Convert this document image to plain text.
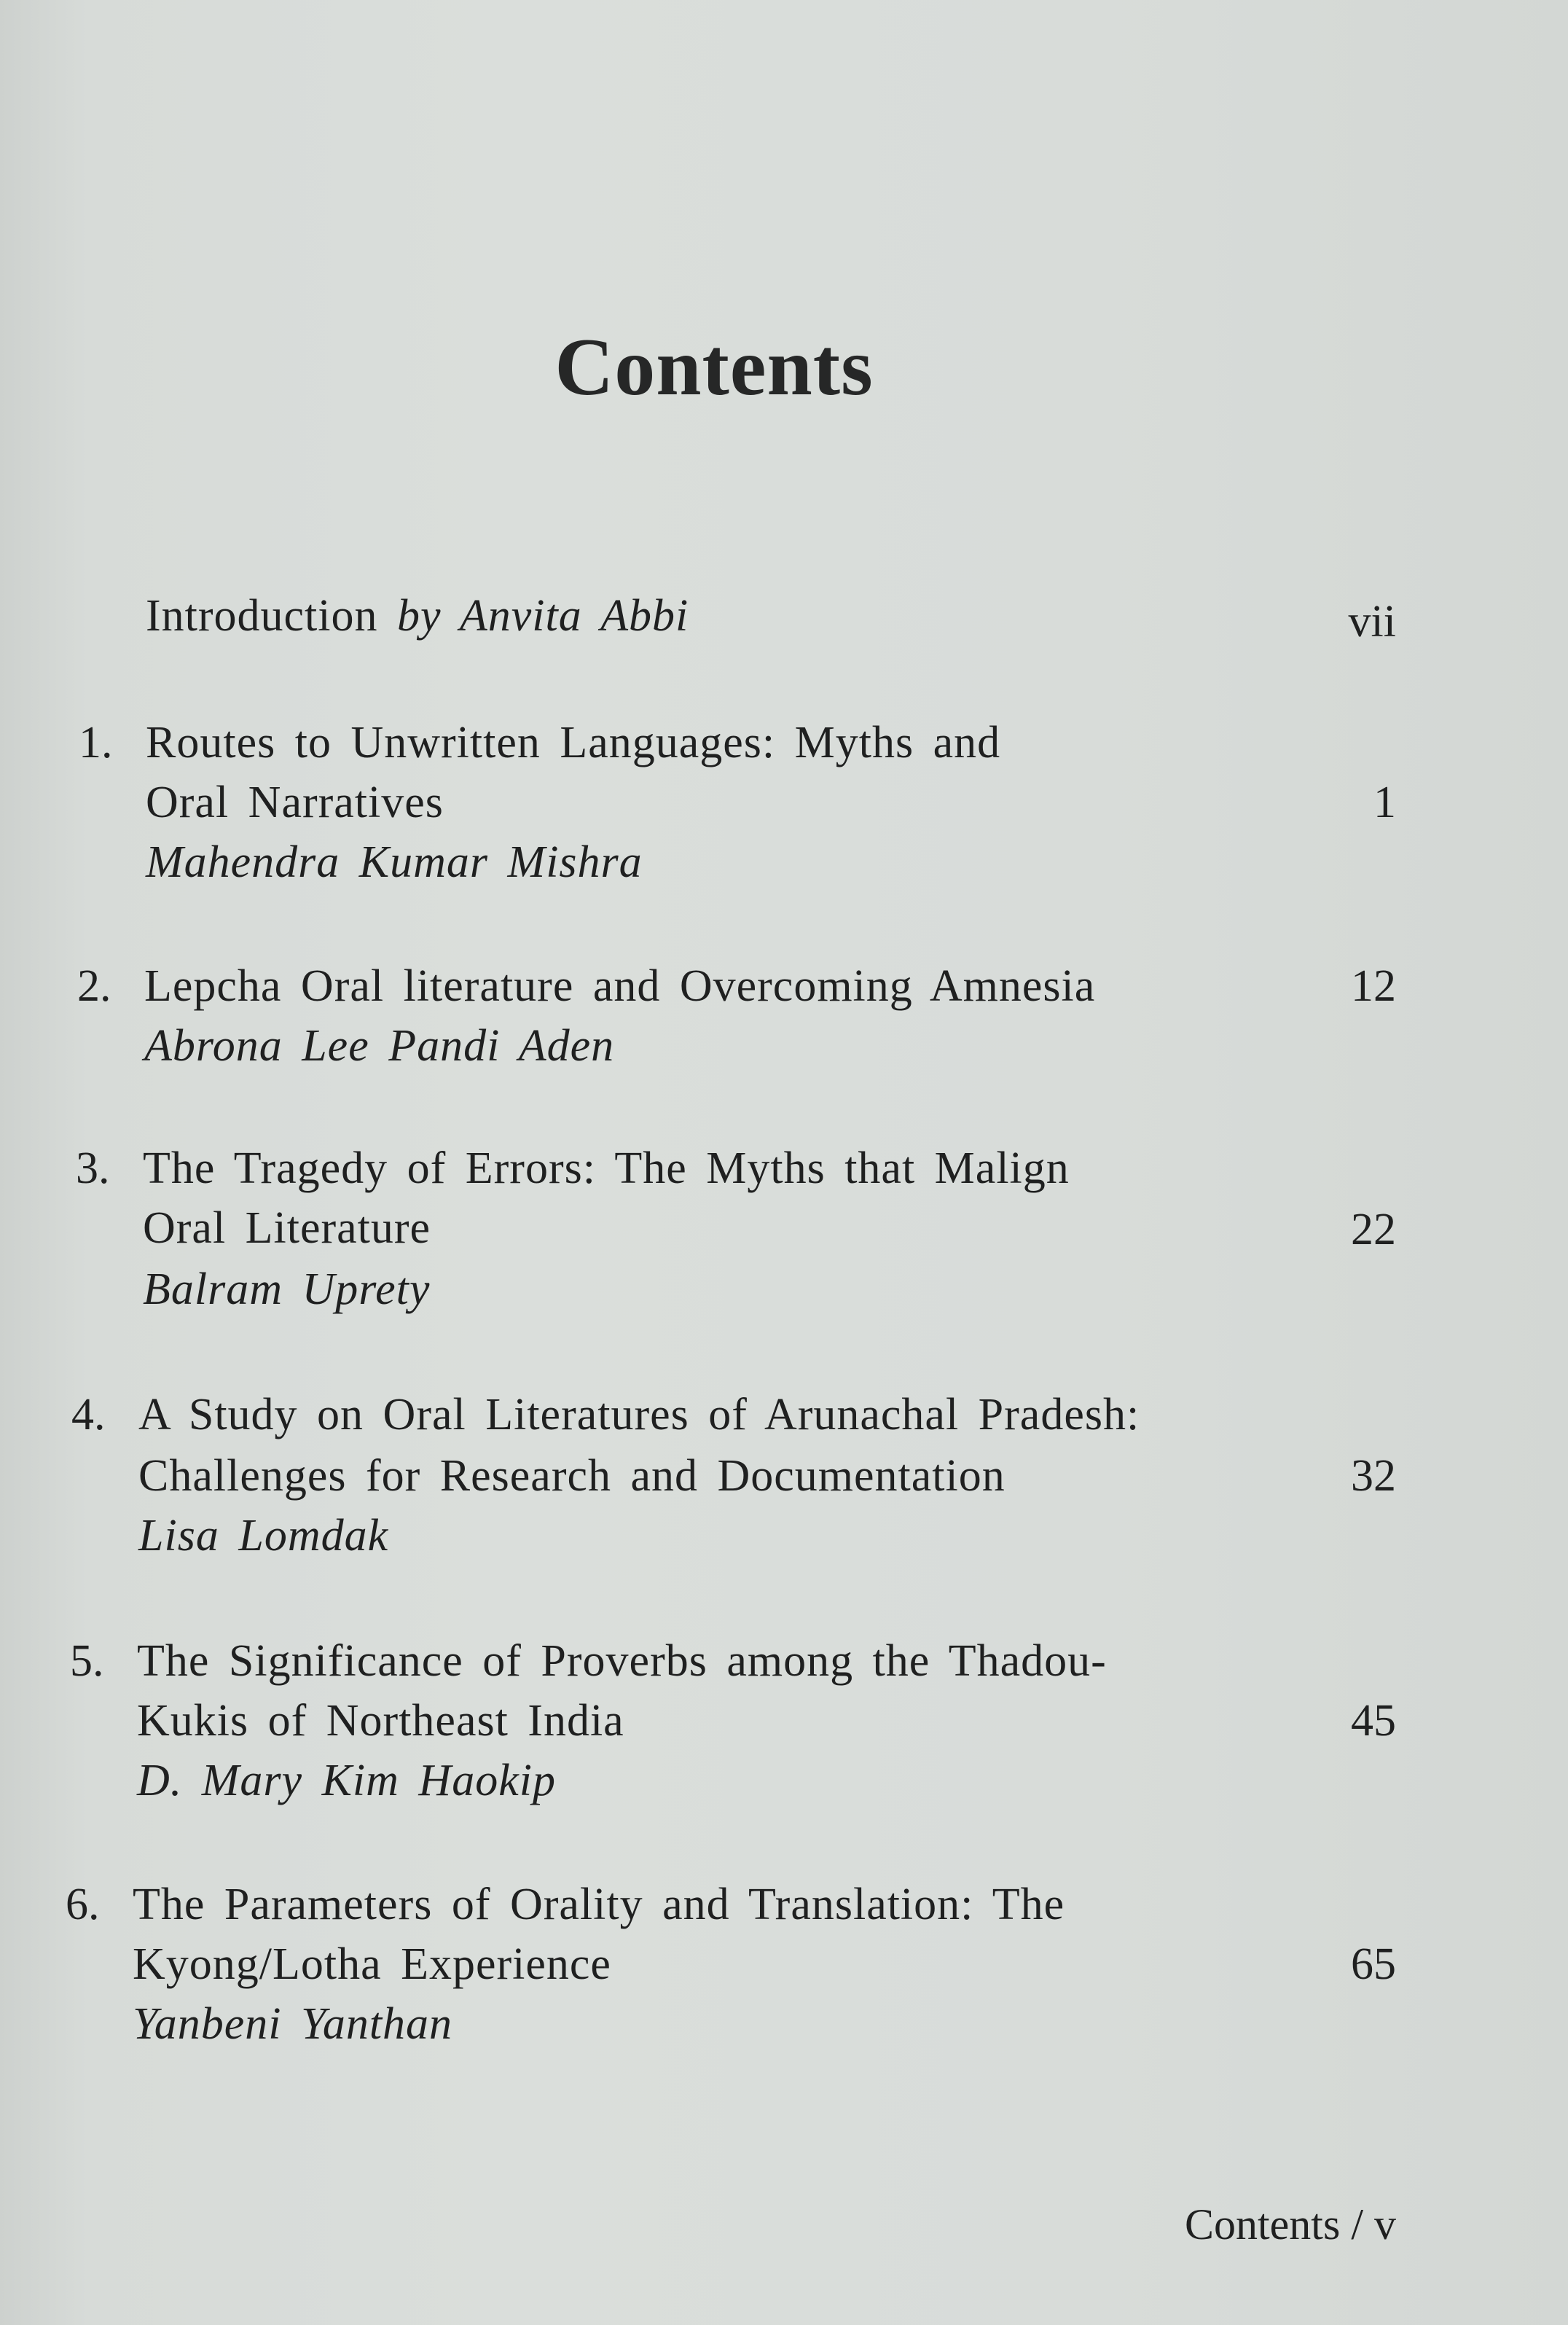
Contents
Introduction by Anvita Abbi	vii
1. Routes to Unwritten Languages: Myths and
Oral Narratives	1
Mahendra Kumar Mishra
2. Lepcha Oral literature and Overcoming Amnesia	12
Abrona Lee Pandi Aden
3. The Tragedy of Errors: The Myths that Malign
Oral Literature	22
Balram Uprety
4. A Study on Oral Literatures of Arunachal Pradesh:
Challenges for Research and Documentation	32
Lisa Lomdak
5. The Significance of Proverbs among the Thadou-
Kukis of Northeast India	45
D. Mary Kim Haokip
6. The Parameters of Orality and Translation: The
Kyong/Lotha Experience	65
Yanbeni Yanthan
Contents / v
